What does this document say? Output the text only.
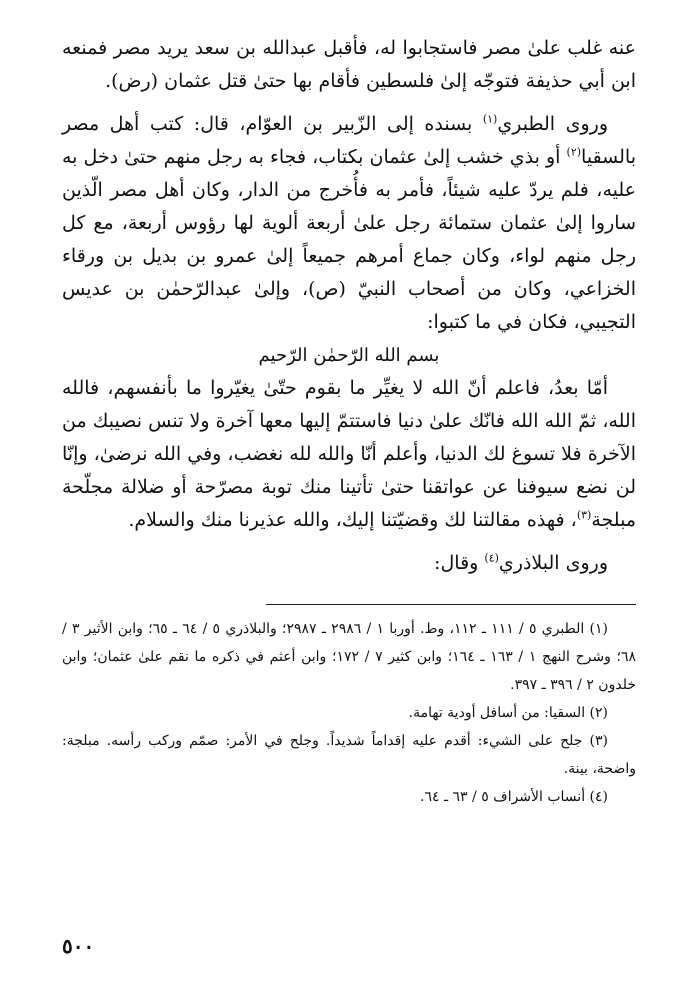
عنه غلب علىٰ مصر فاستجابوا له، فأقبل عبدالله بن سعد يريد مصر فمنعه ابن أبي حذيفة فتوجّه إلىٰ فلسطين فأقام بها حتىٰ قتل عثمان (رض).

وروى الطبري$^{(١)}$ بسنده إلى الزّبير بن العوّام، قال: كتب أهل مصر بالسقيا$^{(٢)}$ أو بذي خشب إلىٰ عثمان بكتاب، فجاء به رجل منهم حتىٰ دخل به عليه، فلم يردّ عليه شيئاً، فأمر به فأُخرج من الدار، وكان أهل مصر الّذين ساروا إلىٰ عثمان ستمائة رجل علىٰ أربعة ألوية لها رؤوس أربعة، مع كل رجل منهم لواء، وكان جماع أمرهم جميعاً إلىٰ عمرو بن بديل بن ورقاء الخزاعي، وكان من أصحاب النبيّ (ص)، وإلىٰ عبدالرّحمٰن بن عديس التجيبي، فكان في ما كتبوا:

بسم الله الرّحمٰن الرّحيم

أمّا بعدُ، فاعلم أنّ الله لا يغيِّر ما بقوم حتّىٰ يغيّروا ما بأنفسهم، فالله الله، ثمّ الله الله فانّك علىٰ دنيا فاستتمّ إليها معها آخرة ولا تنس نصيبك من الآخرة فلا تسوغ لك الدنيا، وأعلم أنّا والله لله نغضب، وفي الله نرضىٰ، وإنّا لن نضع سيوفنا عن عواتقنا حتىٰ تأتينا منك توبة مصرّحة أو ضلالة مجلّحة مبلجة$^{(٣)}$، فهذه مقالتنا لك وقضيّتنا إليك، والله عذيرنا منك والسلام.

وروى البلاذري$^{(٤)}$ وقال:

(١) الطبري ٥ / ١١١ ـ ١١٢، وط. أوربا ١ / ٢٩٨٦ ـ ٢٩٨٧؛ والبلاذري ٥ / ٦٤ ـ ٦٥؛ وابن الأثير ٣ / ٦٨؛ وشرح النهج ١ / ١٦٣ ـ ١٦٤؛ وابن كثير ٧ / ١٧٢؛ وابن أعثم في ذكره ما نقم علىٰ عثمان؛ وابن خلدون ٢ / ٣٩٦ ـ ٣٩٧.

(٢) السقيا: من أسافل أودية تهامة.

(٣) جلح على الشيء: أقدم عليه إقداماً شديداً. وجلح في الأمر: صمّم وركب رأسه. مبلجة: واضحة، بينة.

(٤) أنساب الأشراف ٥ / ٦٣ ـ ٦٤.

٥٠٠
